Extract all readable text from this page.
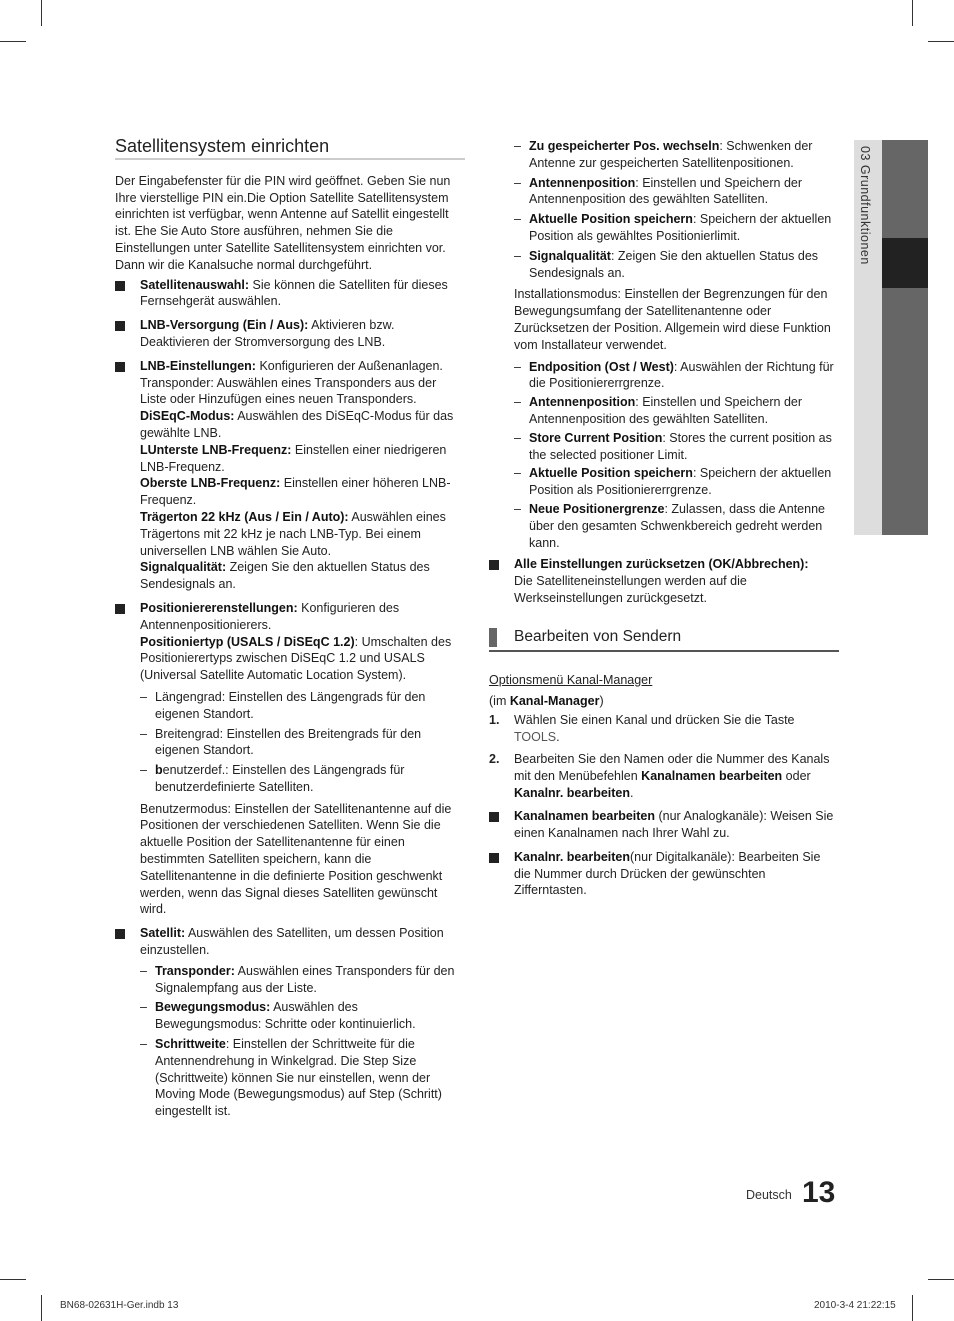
Satellitensystem einrichten

Der Eingabefenster für die PIN wird geöffnet. Geben Sie nun Ihre vierstellige PIN ein.Die Option Satellite Satellitensystem einrichten ist verfügbar, wenn Antenne auf Satellit eingestellt ist. Ehe Sie Auto Store ausführen, nehmen Sie die Einstellungen unter Satellite Satellitensystem einrichten vor. Dann wir die Kanalsuche normal durchgeführt.

Satellitenauswahl: Sie können die Satelliten für dieses Fernsehgerät auswählen.
LNB-Versorgung (Ein / Aus): Aktivieren bzw. Deaktivieren der Stromversorgung des LNB.

LNB-Einstellungen: Konfigurieren der Außenanlagen. Transponder: Auswählen eines Transponders aus der Liste oder Hinzufügen eines neuen Transponders.

DiSEqC-Modus: Auswählen des DiSEqC-Modus für das gewählte LNB.

LUnterste LNB-Frequenz: Einstellen einer niedrigeren LNB-Frequenz.

Oberste LNB-Frequenz: Einstellen einer höheren LNB-Frequenz.

Trägerton 22 kHz (Aus / Ein / Auto): Auswählen eines Trägertons mit 22 kHz je nach LNB-Typ. Bei einem universellen LNB wählen Sie Auto.

Signalqualität: Zeigen Sie den aktuellen Status des Sendesignals an.

Positioniererenstellungen: Konfigurieren des Antennenpositionierers.

Positioniertyp (USALS / DiSEqC 1.2): Umschalten des Positionierertyps zwischen DiSEqC 1.2 und USALS (Universal Satellite Automatic Location System).

– Längengrad: Einstellen des Längengrads für den eigenen Standort.
– Breitengrad: Einstellen des Breitengrads für den eigenen Standort.
– benutzerdef.: Einstellen des Längengrads für benutzerdefinierte Satelliten.

Benutzermodus: Einstellen der Satellitenantenne auf die Positionen der verschiedenen Satelliten. Wenn Sie die aktuelle Position der Satellitenantenne für einen bestimmten Satelliten speichern, kann die Satellitenantenne in die definierte Position geschwenkt werden, wenn das Signal dieses Satelliten gewünscht wird.

Satellit: Auswählen des Satelliten, um dessen Position einzustellen.

– Transponder: Auswählen eines Transponders für den Signalempfang aus der Liste.
– Bewegungsmodus: Auswählen des Bewegungsmodus: Schritte oder kontinuierlich.
– Schrittweite: Einstellen der Schrittweite für die Antennendrehung in Winkelgrad. Die Step Size (Schrittweite) können Sie nur einstellen, wenn der Moving Mode (Bewegungsmodus) auf Step (Schritt) eingestellt ist.
– Zu gespeicherter Pos. wechseln: Schwenken der Antenne zur gespeicherten Satellitenpositionen.
– Antennenposition: Einstellen und Speichern der Antennenposition des gewählten Satelliten.
– Aktuelle Position speichern: Speichern der aktuellen Position als gewähltes Positionierlimit.
– Signalqualität: Zeigen Sie den aktuellen Status des Sendesignals an.

Installationsmodus: Einstellen der Begrenzungen für den Bewegungsumfang der Satellitenantenne oder Zurücksetzen der Position. Allgemein wird diese Funktion vom Installateur verwendet.

– Endposition (Ost / West): Auswählen der Richtung für die Positioniererrgrenze.
– Antennenposition: Einstellen und Speichern der Antennenposition des gewählten Satelliten.
– Store Current Position: Stores the current position as the selected positioner Limit.
– Aktuelle Position speichern: Speichern der aktuellen Position als Positioniererrgrenze.
– Neue Positionergrenze: Zulassen, dass die Antenne über den gesamten Schwenkbereich gedreht werden kann.

Alle Einstellungen zurücksetzen (OK/Abbrechen):

Die Satelliteneinstellungen werden auf die Werkseinstellungen zurückgesetzt.

Bearbeiten von Sendern

Optionsmenü Kanal-Manager

(im Kanal-Manager)

1. Wählen Sie einen Kanal und drücken Sie die Taste TOOLS.
2. Bearbeiten Sie den Namen oder die Nummer des Kanals mit den Menübefehlen Kanalnamen bearbeiten oder Kanalnr. bearbeiten.
Kanalnamen bearbeiten (nur Analogkanäle): Weisen Sie einen Kanalnamen nach Ihrer Wahl zu.
Kanalnr. bearbeiten(nur Digitalkanäle): Bearbeiten Sie die Nummer durch Drücken der gewünschten Zifferntasten.
03 Grundfunktionen
Deutsch 13
BN68-02631H-Ger.indb 13	2010-3-4 21:22:15
